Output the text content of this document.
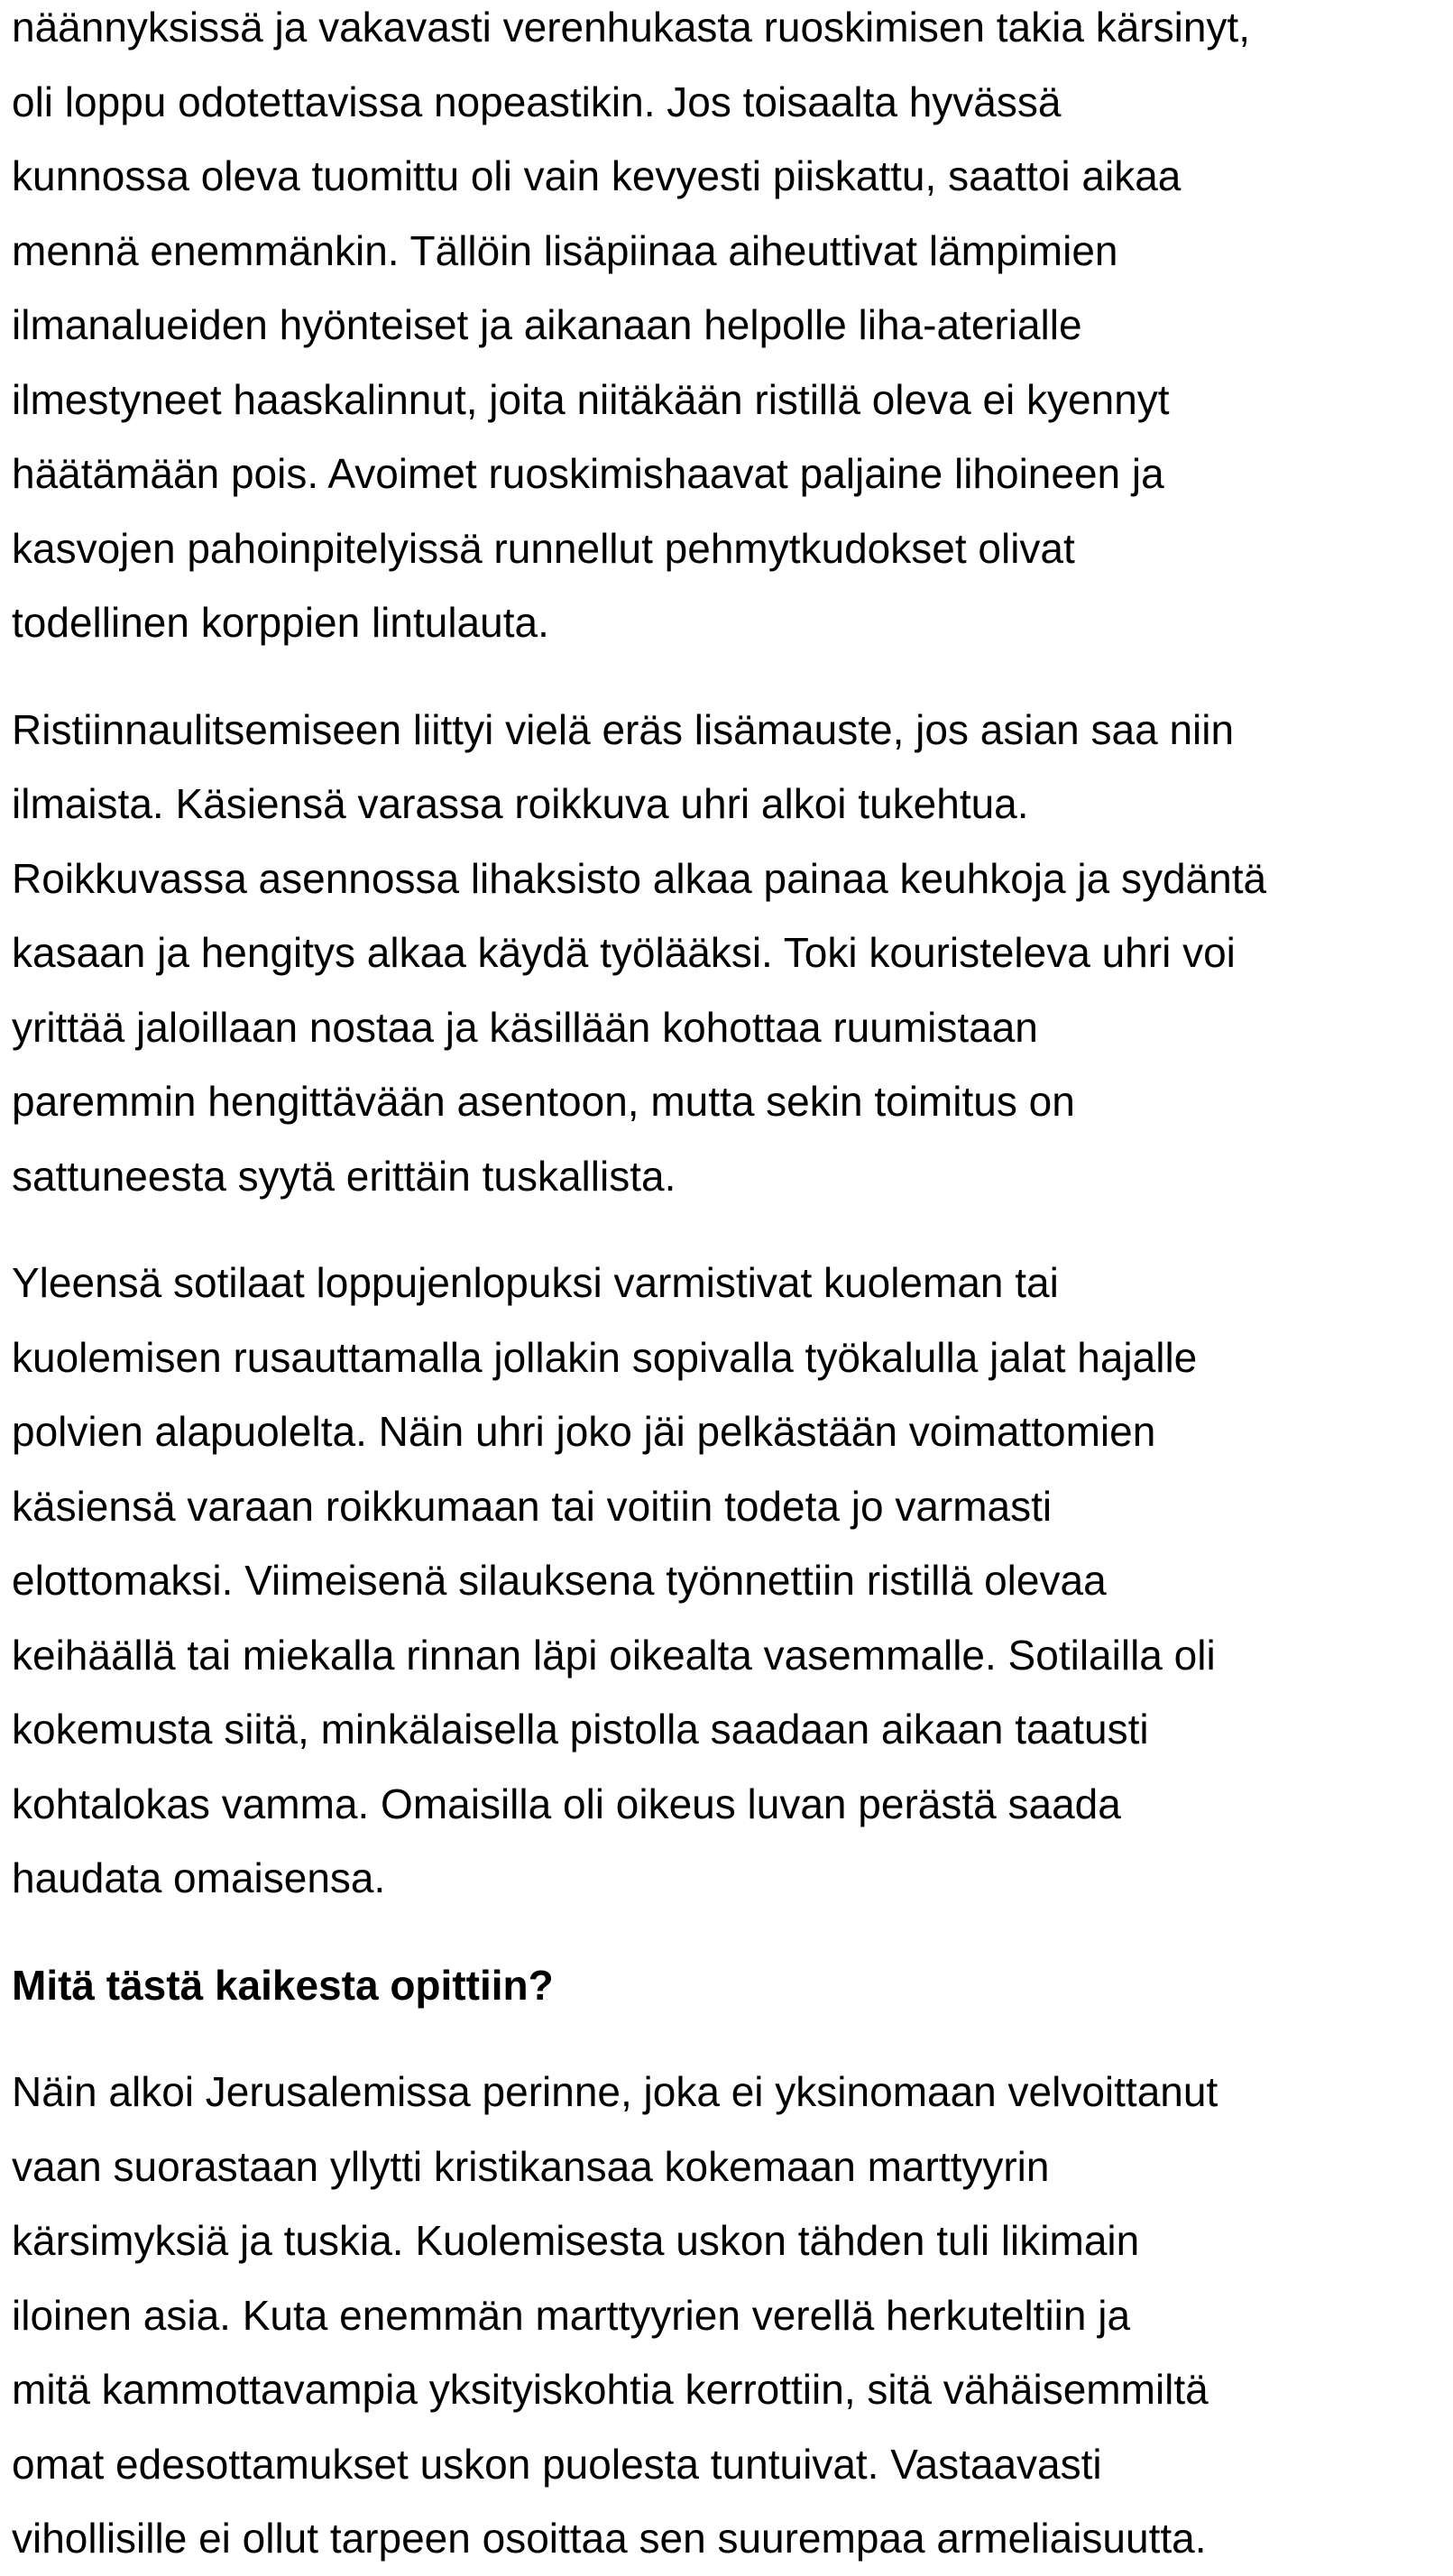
näännyksissä ja vakavasti verenhukasta ruoskimisen takia kärsinyt,
oli loppu odotettavissa nopeastikin. Jos toisaalta hyvässä
kunnossa oleva tuomittu oli vain kevyesti piiskattu, saattoi aikaa
mennä enemmänkin. Tällöin lisäpiinaa aiheuttivat lämpimien
ilmanalueiden hyönteiset ja aikanaan helpolle liha-aterialle
ilmestyneet haaskalinnut, joita niitäkään ristillä oleva ei kyennyt
häätämään pois. Avoimet ruoskimishaavat paljaine lihoineen ja
kasvojen pahoinpitelyissä runnellut pehmytkudokset olivat
todellinen korppien lintulauta.

Ristiinnaulitsemiseen liittyi vielä eräs lisämauste, jos asian saa niin
ilmaista. Käsiensä varassa roikkuva uhri alkoi tukehtua.
Roikkuvassa asennossa lihaksisto alkaa painaa keuhkoja ja sydäntä
kasaan ja hengitys alkaa käydä työlääksi. Toki kouristeleva uhri voi
yrittää jaloillaan nostaa ja käsillään kohottaa ruumistaan
paremmin hengittävään asentoon, mutta sekin toimitus on
sattuneesta syytä erittäin tuskallista.

Yleensä sotilaat loppujenlopuksi varmistivat kuoleman tai
kuolemisen rusauttamalla jollakin sopivalla työkalulla jalat hajalle
polvien alapuolelta. Näin uhri joko jäi pelkästään voimattomien
käsiensä varaan roikkumaan tai voitiin todeta jo varmasti
elottomaksi. Viimeisenä silauksena työnnettiin ristillä olevaa
keihäällä tai miekalla rinnan läpi oikealta vasemmalle. Sotilailla oli
kokemusta siitä, minkälaisella pistolla saadaan aikaan taatusti
kohtalokas vamma. Omaisilla oli oikeus luvan perästä saada
haudata omaisensa.

Mitä tästä kaikesta opittiin?

Näin alkoi Jerusalemissa perinne, joka ei yksinomaan velvoittanut
vaan suorastaan yllytti kristikansaa kokemaan marttyyrin
kärsimyksiä ja tuskia. Kuolemisesta uskon tähden tuli likimain
iloinen asia. Kuta enemmän marttyyrien verellä herkuteltiin ja
mitä kammottavampia yksityiskohtia kerrottiin, sitä vähäisemmiltä
omat edesottamukset uskon puolesta tuntuivat. Vastaavasti
vihollisille ei ollut tarpeen osoittaa sen suurempaa armeliaisuutta.
